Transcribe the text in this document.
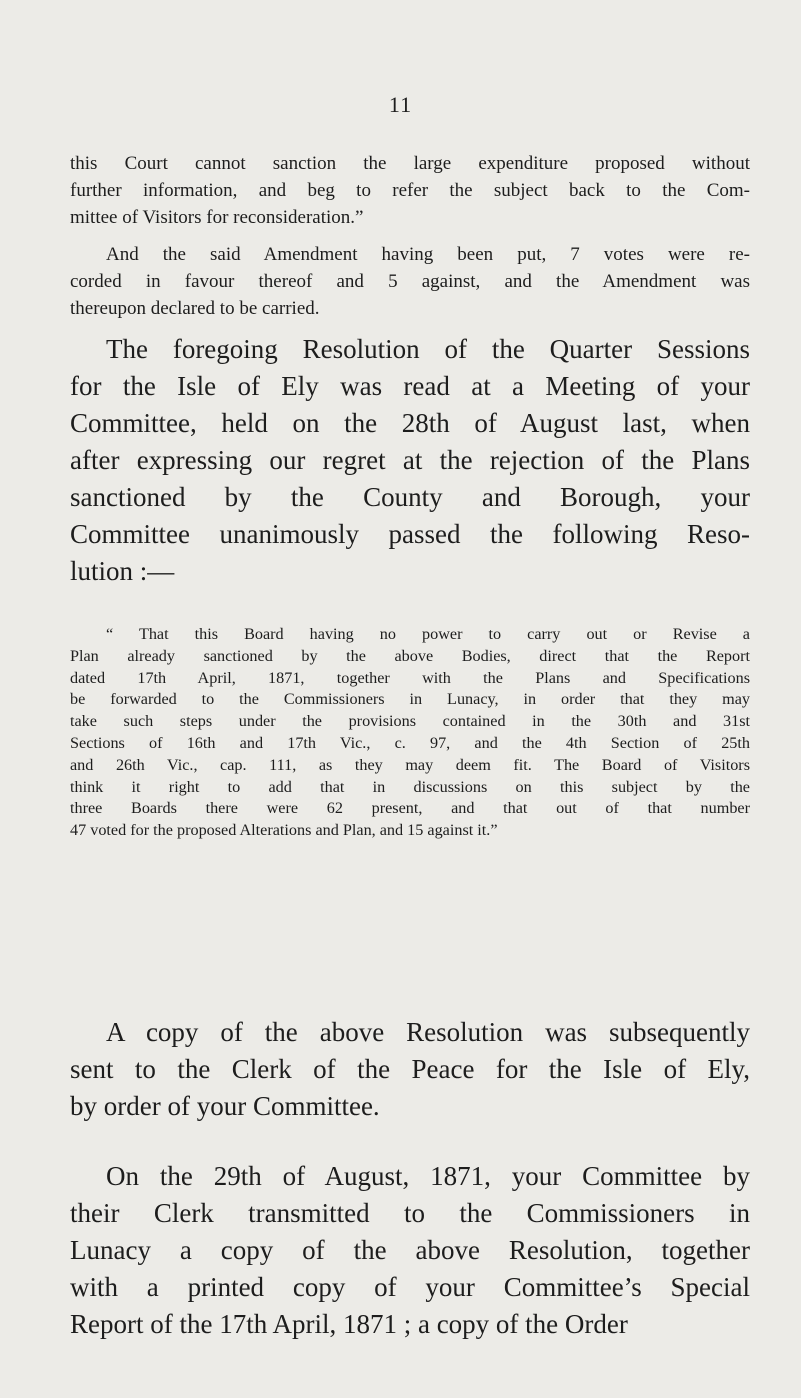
11
this Court cannot sanction the large expenditure proposed without
further information, and beg to refer the subject back to the Com-
mittee of Visitors for reconsideration.”
And the said Amendment having been put, 7 votes were re-
corded in favour thereof and 5 against, and the Amendment was
thereupon declared to be carried.
The foregoing Resolution of the Quarter Sessions
for the Isle of Ely was read at a Meeting of your
Committee, held on the 28th of August last, when
after expressing our regret at the rejection of the Plans
sanctioned by the County and Borough, your
Committee unanimously passed the following Reso-
lution :—
“ That this Board having no power to carry out or Revise a
Plan already sanctioned by the above Bodies, direct that the Report
dated 17th April, 1871, together with the Plans and Specifications
be forwarded to the Commissioners in Lunacy, in order that they may
take such steps under the provisions contained in the 30th and 31st
Sections of 16th and 17th Vic., c. 97, and the 4th Section of 25th
and 26th Vic., cap. 111, as they may deem fit. The Board of Visitors
think it right to add that in discussions on this subject by the
three Boards there were 62 present, and that out of that number
47 voted for the proposed Alterations and Plan, and 15 against it.”
A copy of the above Resolution was subsequently
sent to the Clerk of the Peace for the Isle of Ely,
by order of your Committee.
On the 29th of August, 1871, your Committee by
their Clerk transmitted to the Commissioners in
Lunacy a copy of the above Resolution, together
with a printed copy of your Committee’s Special
Report of the 17th April, 1871 ; a copy of the Order
